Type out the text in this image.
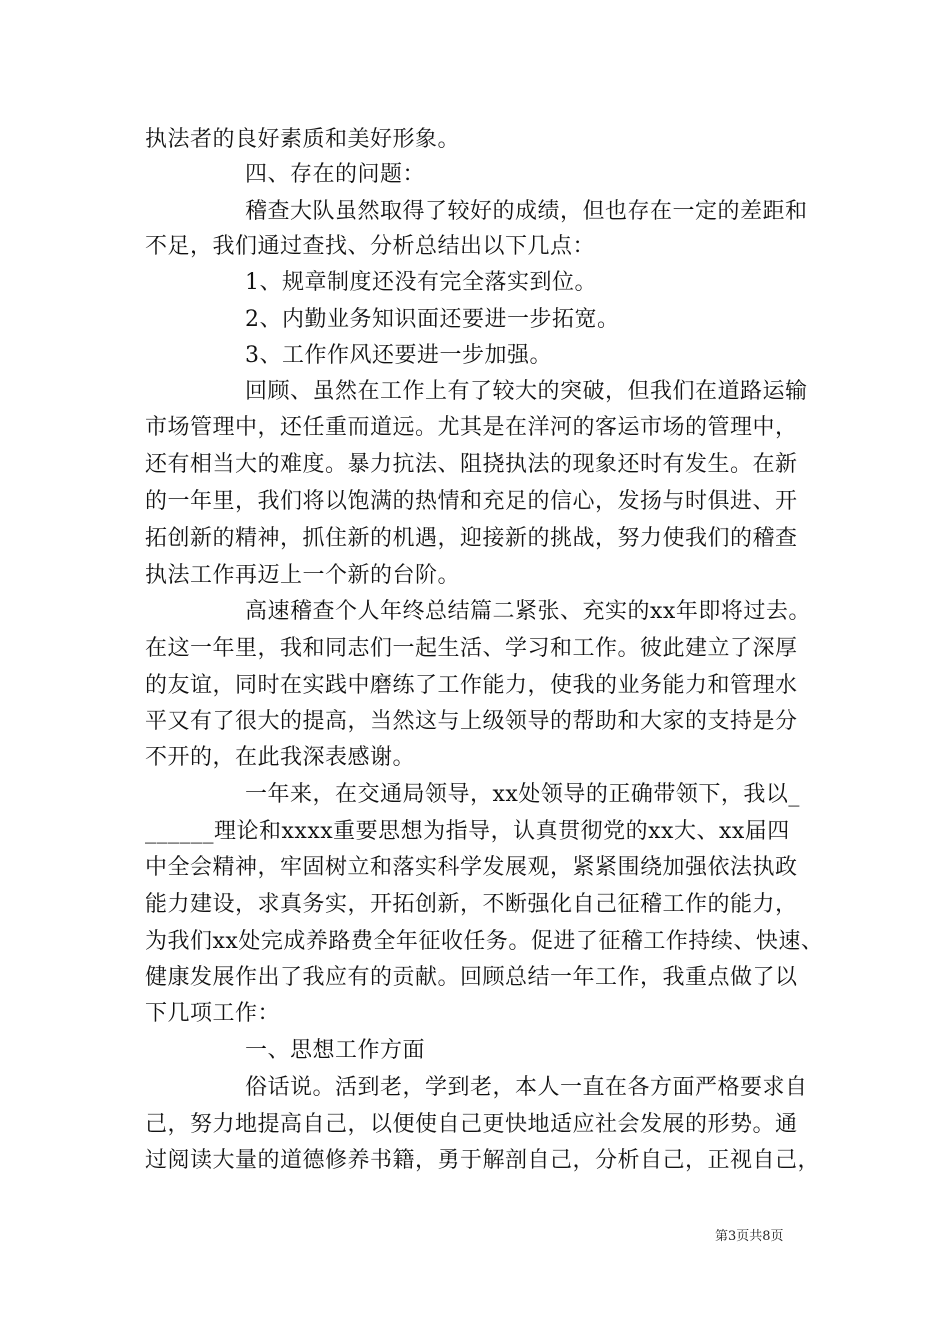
执法者的良好素质和美好形象。
四、存在的问题：
稽查大队虽然取得了较好的成绩，但也存在一定的差距和
不足，我们通过查找、分析总结出以下几点：
1、规章制度还没有完全落实到位。
2、内勤业务知识面还要进一步拓宽。
3、工作作风还要进一步加强。
回顾、虽然在工作上有了较大的突破，但我们在道路运输
市场管理中，还任重而道远。尤其是在洋河的客运市场的管理中，
还有相当大的难度。暴力抗法、阻挠执法的现象还时有发生。在新
的一年里，我们将以饱满的热情和充足的信心，发扬与时俱进、开
拓创新的精神，抓住新的机遇，迎接新的挑战，努力使我们的稽查
执法工作再迈上一个新的台阶。
高速稽查个人年终总结篇二紧张、充实的xx年即将过去。
在这一年里，我和同志们一起生活、学习和工作。彼此建立了深厚
的友谊，同时在实践中磨练了工作能力，使我的业务能力和管理水
平又有了很大的提高，当然这与上级领导的帮助和大家的支持是分
不开的，在此我深表感谢。
一年来，在交通局领导，xx处领导的正确带领下，我以_
______理论和xxxx重要思想为指导，认真贯彻党的xx大、xx届四
中全会精神，牢固树立和落实科学发展观，紧紧围绕加强依法执政
能力建设，求真务实，开拓创新，不断强化自己征稽工作的能力，
为我们xx处完成养路费全年征收任务。促进了征稽工作持续、快速、
健康发展作出了我应有的贡献。回顾总结一年工作，我重点做了以
下几项工作：
一、思想工作方面
俗话说。活到老，学到老，本人一直在各方面严格要求自
己，努力地提高自己，以便使自己更快地适应社会发展的形势。通
过阅读大量的道德修养书籍，勇于解剖自己，分析自己，正视自己，
第3页共8页
